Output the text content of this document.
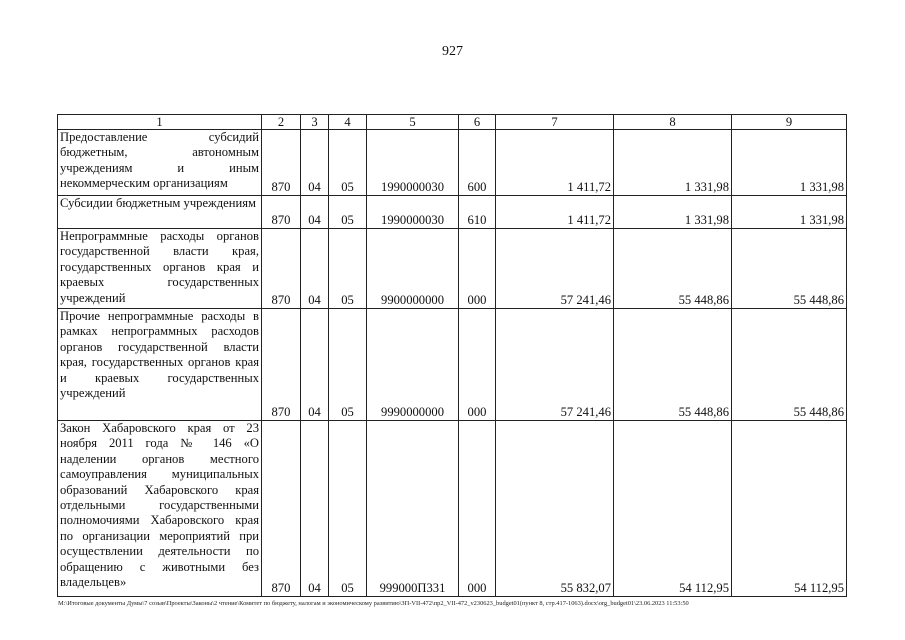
927
1	2	3	4	5	6	7	8	9
Предоставление субсидий бюджетным, автономным учреждениям и иным некоммерческим организациям	870	04	05	1990000030	600	1 411,72	1 331,98	1 331,98
Субсидии бюджетным учреждениям	870	04	05	1990000030	610	1 411,72	1 331,98	1 331,98
Непрограммные расходы органов государственной власти края, государственных органов края и краевых государственных учреждений	870	04	05	9900000000	000	57 241,46	55 448,86	55 448,86
Прочие непрограммные расходы в рамках непрограммных расходов органов государственной власти края, государственных органов края и краевых государственных учреждений	870	04	05	9990000000	000	57 241,46	55 448,86	55 448,86
Закон Хабаровского края от 23 ноября 2011 года № 146 «О наделении органов местного самоуправления муниципальных образований Хабаровского края отдельными государственными полномочиями Хабаровского края по организации мероприятий при осуществлении деятельности по обращению с животными без владельцев»	870	04	05	999000П331	000	55 832,07	54 112,95	54 112,95
M:\Итоговые документы Думы\7 созыв\Проекты\Законы\2 чтение\Комитет по бюджету, налогам и экономическому развитию\ЗП-VII-472\пр2_VII-472_v230623_budget01(пункт 8, стр.417-1063).docx\org_budget01\23.06.2023 11:53:50
